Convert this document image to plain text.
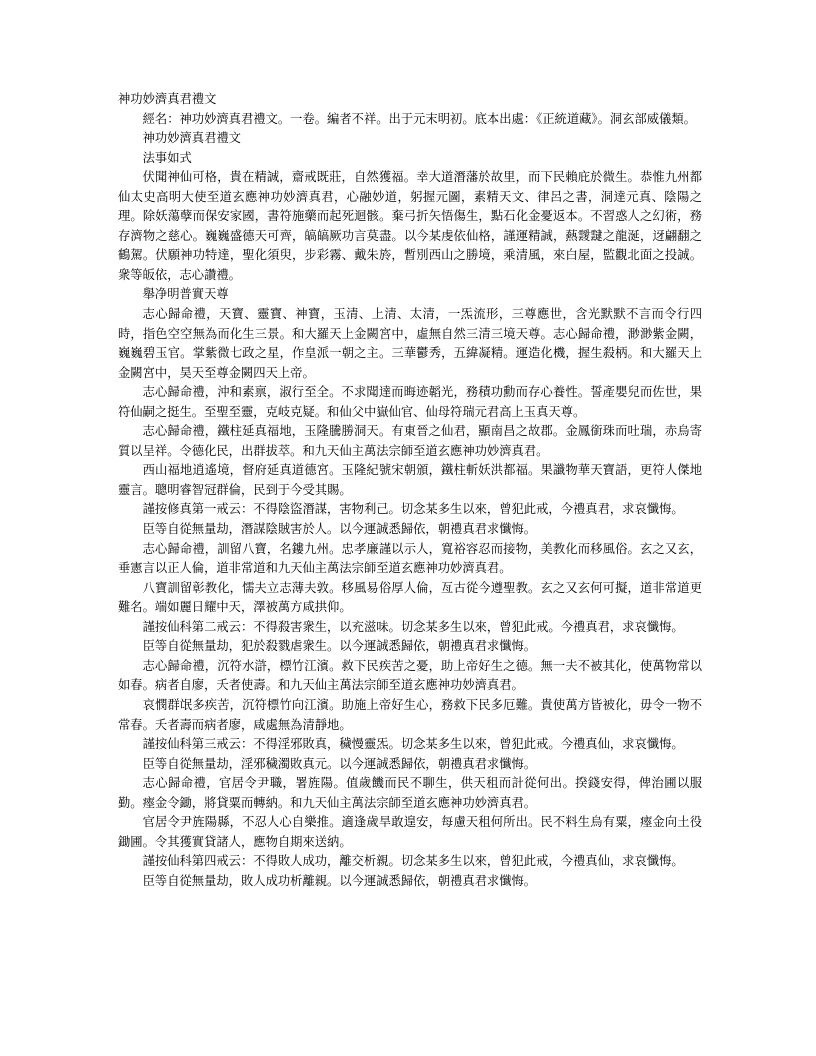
神功妙濟真君禮文

經名：神功妙濟真君禮文。一卷。編者不祥。出于元末明初。底本出處：《正統道藏》。洞玄部威儀類。

神功妙濟真君禮文

法事如式

伏聞神仙可格，貴在精誠，齋戒既莊，自然獲福。幸大道潛藩於故里，而下民賴庇於微生。恭惟九州都仙太史高明大使至道玄應神功妙濟真君，心融妙道，躬握元圖，素精天文、律呂之書，洞達元真、陰陽之理。除妖蕩孽而保安家國，書符施藥而起死迴骸。棄弓折矢悟傷生，點石化金憂返本。不習惑人之幻術，務存濟物之慈心。巍巍盛德天可齊，皜皜厥功言莫盡。以今某虔依仙格，謹運精誠，爇靉靆之龍涎，迓翩翻之鶴駕。伏願神功特達，聖化須臾，步彩霧、戴朱旍，暫別西山之勝境，乘清風，來白屋，監觀北面之投誠。衆等皈依，志心讚禮。

舉净明普實天尊

志心歸命禮，天寶、靈寶、神寶，玉清、上清、太清，一炁流形，三尊應世，含光默默不言而令行四時，指色空空無為而化生三景。和大羅天上金闕宮中，虛無自然三清三境天尊。志心歸命禮，渺渺紫金闕，巍巍碧玉官。掌紫微七政之星，作皇派一朝之主。三華鬱秀，五緯凝精。運造化機，握生殺柄。和大羅天上金闕宮中，昊天至尊金闕四天上帝。

志心歸命禮，沖和素禀，淑行至全。不求聞達而晦迹韜光，務積功勳而存心養性。誓產嬰兒而佐世，果符仙嗣之挺生。至聖至靈，克岐克疑。和仙父中嶽仙官、仙母符瑞元君高上玉真天尊。

志心歸命禮，鐵柱延真福地，玉隆騰勝洞天。有東晉之仙君，顯南昌之故郡。金鳳銜珠而吐瑞，赤烏寄質以呈祥。令德化民，出群拔萃。和九天仙主萬法宗師至道玄應神功妙濟真君。

西山福地逍遙境，督府延真道德宮。玉隆紀號宋朝頒，鐵柱斬妖洪都福。果讖物華天寶語，更符人傑地靈言。聰明睿智冠群倫，民到于今受其賜。

謹按修真第一戒云：不得陰盜潛謀，害物利己。切念某多生以來，曾犯此戒，今禮真君，求哀懺悔。

臣等自從無量劫，潛謀陰賊害於人。以今運誠悉歸依，朝禮真君求懺悔。

志心歸命禮，訓留八寶，名鏤九州。忠孝廉謹以示人，寬裕容忍而接物，美教化而移風俗。玄之又玄，垂憲言以正人倫，道非常道和九天仙主萬法宗師至道玄應神功妙濟真君。

八寶訓留彰教化，懦夫立志薄夫敦。移風易俗厚人倫，亙古從今遵聖教。玄之又玄何可擬，道非常道更難名。端如麗日耀中天，澤被萬方咸拱仰。

謹按仙科第二戒云：不得殺害衆生，以充滋味。切念某多生以來，曾犯此戒。今禮真君，求哀懺悔。

臣等自從無量劫，犯於殺戮虐衆生。以今運誠悉歸依，朝禮真君求懺悔。

志心歸命禮，沉符水滸，標竹江濱。救下民疾苦之憂，助上帝好生之德。無一夫不被其化，使萬物常以如春。病者自廖，夭者使壽。和九天仙主萬法宗師至道玄應神功妙濟真君。

哀憫群氓多疾苦，沉符標竹向江濱。助施上帝好生心，務救下民多厄難。貴使萬方皆被化，毋令一物不常春。夭者壽而病者廖，咸處無為清靜地。

謹按仙科第三戒云：不得淫邪敗真，穢慢靈炁。切念某多生以來，曾犯此戒。今禮真仙，求哀懺悔。

臣等自從無量劫，淫邪穢濁敗真元。以今運誠悉歸依，朝禮真君求懺悔。

志心歸命禮，官居令尹職，署旌陽。值歲饑而民不聊生，供天租而計從何出。揆錢安得，俾治圃以服勤。瘞金令鋤，將貸粟而轉納。和九天仙主萬法宗師至道玄應神功妙濟真君。

官居令尹旌陽縣，不忍人心自樂推。適逢歲旱敢遑安，每慮天租何所出。民不料生烏有粟，瘞金向土役鋤圃。令其獲實貸諸人，應物自期來送納。

謹按仙科第四戒云：不得敗人成功，離交析親。切念某多生以來，曾犯此戒，今禮真仙，求哀懺悔。

臣等自從無量劫，敗人成功析離親。以今運誠悉歸依，朝禮真君求懺悔。
